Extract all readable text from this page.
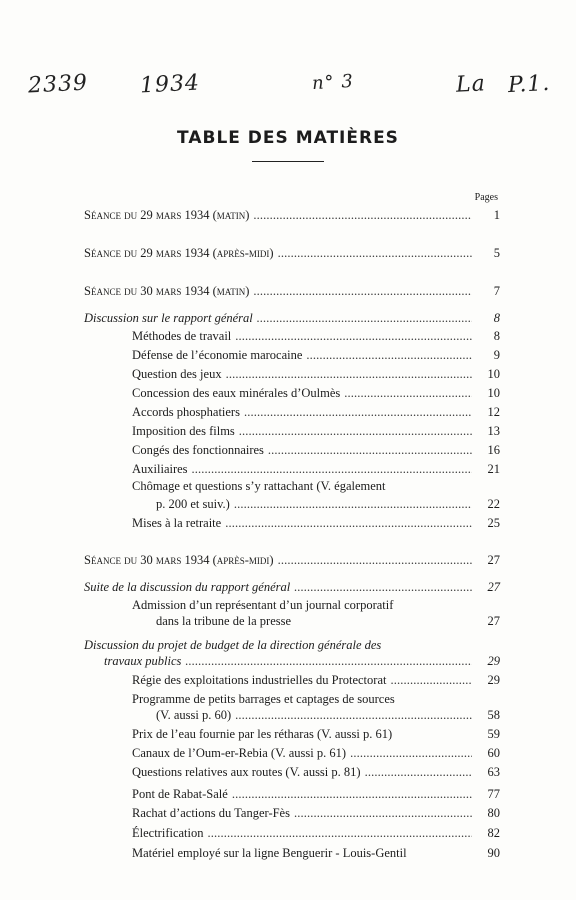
2339 1934	n° 3	La P.1.
TABLE DES MATIÈRES
Pages
Séance du 29 mars 1934 (matin) . . .	1
Séance du 29 mars 1934 (après-midi) . . .	5
Séance du 30 mars 1934 (matin) . . .	7
Discussion sur le rapport général . . .	8
Méthodes de travail . . .	8
Défense de l’économie marocaine . . .	9
Question des jeux . . .	10
Concession des eaux minérales d’Oulmès . . .	10
Accords phosphatiers . . .	12
Imposition des films . . .	13
Congés des fonctionnaires . . .	16
Auxiliaires . . .	21
Chômage et questions s’y rattachant (V. également
p. 200 et suiv.) . . .	22
Mises à la retraite . . .	25
Séance du 30 mars 1934 (après-midi) . . .	27
Suite de la discussion du rapport général . . .	27
Admission d’un représentant d’un journal corporatif
dans la tribune de la presse	27
Discussion du projet de budget de la direction générale des
travaux publics . . .	29
Régie des exploitations industrielles du Protectorat . . .	29
Programme de petits barrages et captages de sources
(V. aussi p. 60) . . .	58
Prix de l’eau fournie par les rétharas (V. aussi p. 61)	59
Canaux de l’Oum-er-Rebia (V. aussi p. 61) . . .	60
Questions relatives aux routes (V. aussi p. 81) . . .	63
Pont de Rabat-Salé . . .	77
Rachat d’actions du Tanger-Fès . . .	80
Électrification . . .	82
Matériel employé sur la ligne Benguerir - Louis-Gentil	90
